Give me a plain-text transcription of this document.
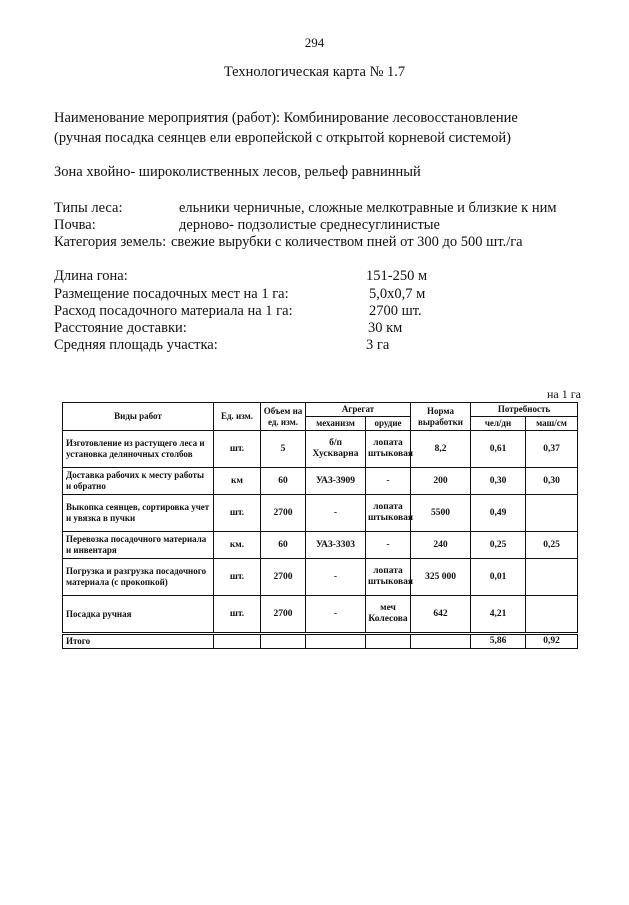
294
Технологическая карта № 1.7
Наименование мероприятия (работ): Комбинирование лесовосстановление
(ручная посадка сеянцев ели европейской с открытой корневой системой)
Зона хвойно- широколиственных лесов, рельеф равнинный
Типы леса:	ельники черничные, сложные мелкотравные и близкие к ним
Почва:	дерново- подзолистые среднесуглинистые
Категория земель: свежие вырубки с количеством пней от 300 до 500 шт./га
Длина гона:	151-250 м
Размещение посадочных мест на 1 га:	5,0х0,7 м
Расход посадочного материала на 1 га:	2700 шт.
Расстояние доставки:	30 км
Средняя площадь участка:	3 га
на 1 га
Виды работ	Ед. изм.	Объем на ед. изм.	Агрегат		Норма выработки	Потребность	
			механизм	орудие		чел/дн	маш/см
Изготовление из растущего леса и установка деляночных столбов	шт.	5	б/п Хускварна	лопата штыковая	8,2	0,61	0,37
Доставка рабочих к месту работы и обратно	км	60	УАЗ-3909	-	200	0,30	0,30
Выкопка сеянцев, сортировка учет и увязка в пучки	шт.	2700	-	лопата штыковая	5500	0,49	
Перевозка посадочного материала и инвентаря	км.	60	УАЗ-3303	-	240	0,25	0,25
Погрузка и разгрузка посадочного материала (с прокопкой)	шт.	2700	-	лопата штыковая	325 000	0,01	
Посадка ручная	шт.	2700	-	меч Колесова	642	4,21	
Итого						5,86	0,92
